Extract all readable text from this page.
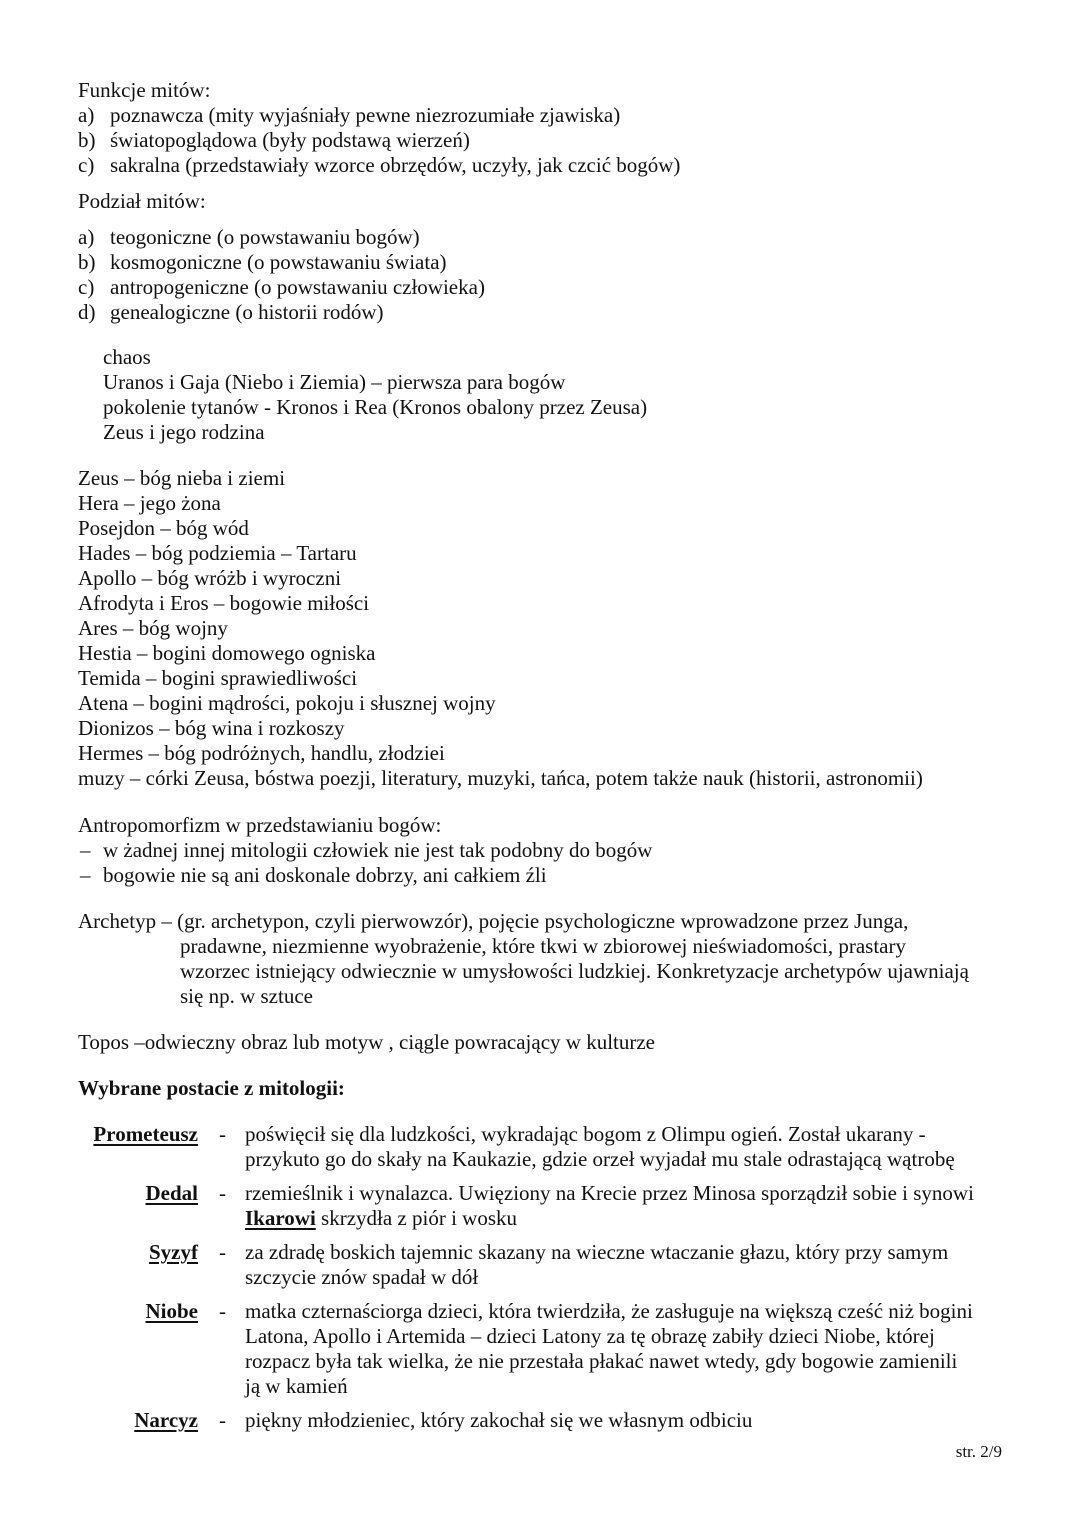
Funkcje mitów:
a) poznawcza (mity wyjaśniały pewne niezrozumiałe zjawiska)
b) światopoglądowa (były podstawą wierzeń)
c) sakralna (przedstawiały wzorce obrzędów, uczyły, jak czcić bogów)
Podział mitów:
a) teogoniczne (o powstawaniu bogów)
b) kosmogoniczne (o powstawaniu świata)
c) antropogeniczne (o powstawaniu człowieka)
d) genealogiczne (o historii rodów)
chaos
Uranos i Gaja (Niebo i Ziemia) – pierwsza para bogów
pokolenie tytanów - Kronos i Rea (Kronos obalony przez Zeusa)
Zeus i jego rodzina
Zeus – bóg nieba i ziemi
Hera – jego żona
Posejdon – bóg wód
Hades – bóg podziemia – Tartaru
Apollo – bóg wróżb i wyroczni
Afrodyta i Eros – bogowie miłości
Ares – bóg wojny
Hestia – bogini domowego ogniska
Temida – bogini sprawiedliwości
Atena – bogini mądrości, pokoju i słusznej wojny
Dionizos – bóg wina i rozkoszy
Hermes – bóg podróżnych, handlu, złodziei
muzy – córki Zeusa, bóstwa poezji, literatury, muzyki, tańca, potem także nauk (historii, astronomii)
Antropomorfizm w przedstawianiu bogów:
– w żadnej innej mitologii człowiek nie jest tak podobny do bogów
– bogowie nie są ani doskonale dobrzy, ani całkiem źli
Archetyp – (gr. archetypon, czyli pierwowzór), pojęcie psychologiczne wprowadzone przez Junga,
pradawne, niezmienne wyobrażenie, które tkwi w zbiorowej nieświadomości, prastary
wzorzec istniejący odwiecznie w umysłowości ludzkiej. Konkretyzacje archetypów ujawniają
się np. w sztuce
Topos –odwieczny obraz lub motyw , ciągle powracający w kulturze
Wybrane postacie z mitologii:
Prometeusz - poświęcił się dla ludzkości, wykradając bogom z Olimpu ogień. Został ukarany -
przykuto go do skały na Kaukazie, gdzie orzeł wyjadał mu stale odrastającą wątrobę
Dedal - rzemieślnik i wynalazca. Uwięziony na Krecie przez Minosa sporządził sobie i synowi
Ikarowi skrzydła z piór i wosku
Syzyf - za zdradę boskich tajemnic skazany na wieczne wtaczanie głazu, który przy samym
szczycie znów spadał w dół
Niobe - matka czternaściorga dzieci, która twierdziła, że zasługuje na większą cześć niż bogini
Latona, Apollo i Artemida – dzieci Latony za tę obrazę zabiły dzieci Niobe, której
rozpacz była tak wielka, że nie przestała płakać nawet wtedy, gdy bogowie zamienili
ją w kamień
Narcyz - piękny młodzieniec, który zakochał się we własnym odbiciu
str. 2/9
